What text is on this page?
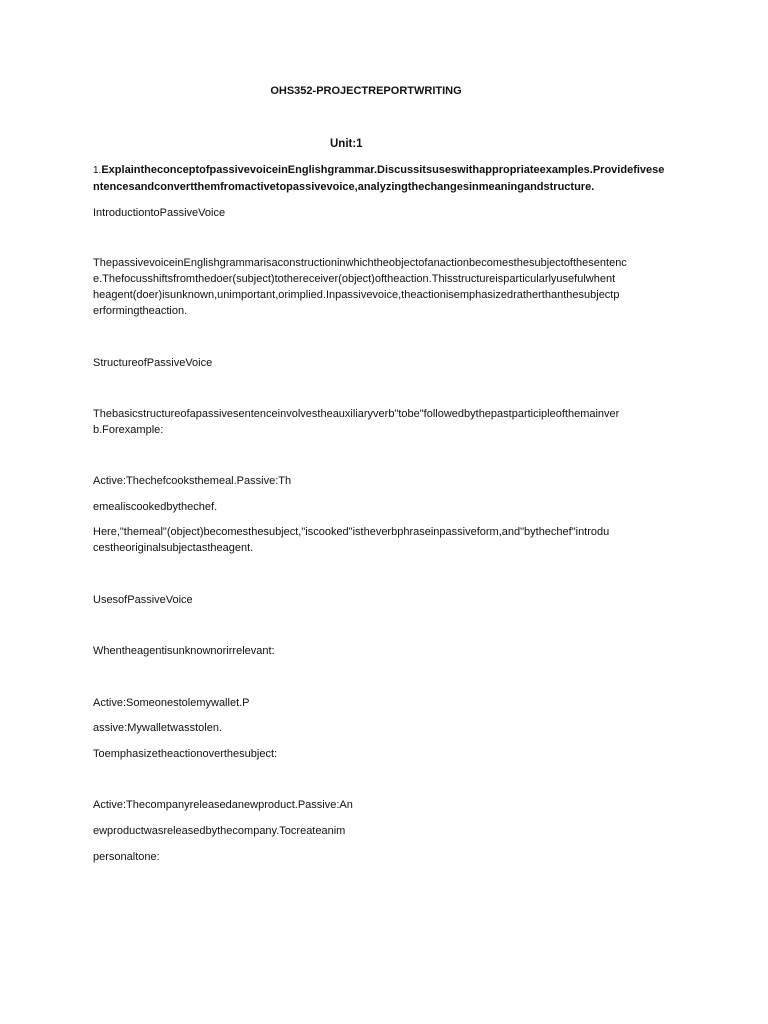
OHS352-PROJECTREPORTWRITING
Unit:1
1.Explaintheconceptofpassivevoicein​Englishgrammar.Discussitsuseswithappropriateexamples.Providefivese
ntencesandconvertthemfromactivetopassivevoice,analyzingthechangesinmeaningandstructure.
IntroductiontoPassiveVoice
ThepassivevoiceinEnglishgrammarisaconstructioninwhichtheobjectofanactionbecomesthesubjectofthesentenc
e.Thefocusshiftsfromthedoer(subject)tothereceiver(object)oftheaction.Thisstructureisparticularlyusefulwhent
heagent(doer)isunknown,unimportant,orimplied.Inpassivevoice,theactionisemphasizedratherthanthesubjectp
erformingtheaction.
StructureofPassiveVoice
Thebasicstructureofapassivesentenceinvolvestheauxiliaryverb"tobe"followedbythepastparticipleofthemainver
b.Forexample:
Active:Thechefcooksthemeal.Passive:Th
emealiscookedbythechef.
Here,"themeal"(object)becomesthesubject,"iscooked"istheverbphraseinpassiveform,and"bythechef"introdu
cestheoriginalsubjectastheagent.
UsesofPassiveVoice
Whentheagentisunknownorirrelevant:
Active:Someonestolemywallet.P
assive:Mywalletwasstolen.
Toemphasizetheactionoverthesubject:
Active:Thecompanyreleasedanewproduct.Passive:An
ewproductwasreleasedbythecompany.Tocreateanim
personaltone:
